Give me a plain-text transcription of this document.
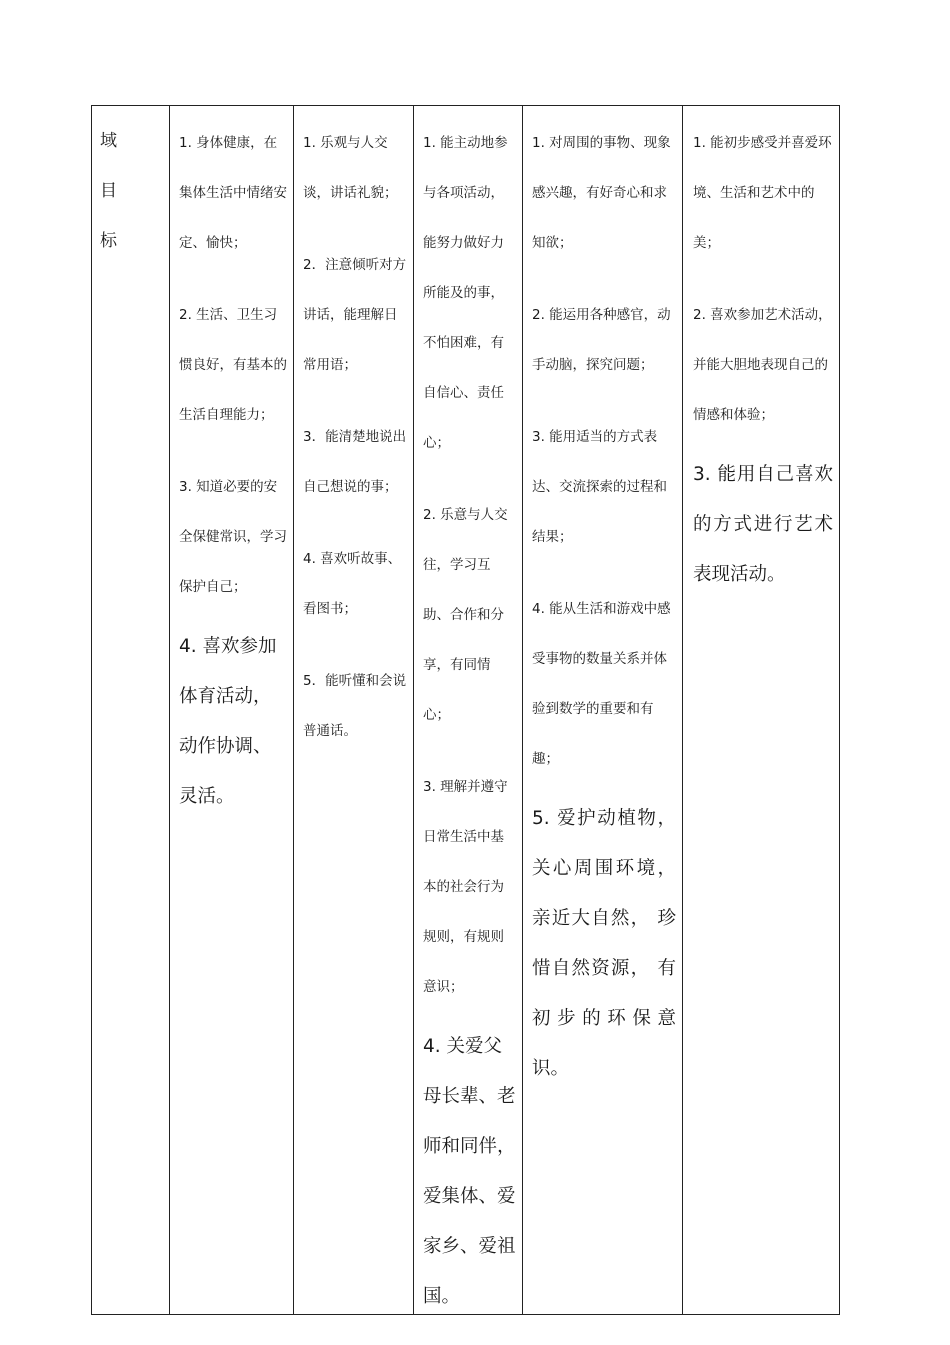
域
目
标
1. 身体健康，在集体生活中情绪安定、愉快；
2. 生活、卫生习惯良好，有基本的生活自理能力；
3. 知道必要的安全保健常识，学习保护自己；
4. 喜欢参加体育活动，动作协调、灵活。
1. 乐观与人交谈，讲话礼貌；
2．注意倾听对方讲话，能理解日常用语；
3．能清楚地说出自己想说的事；
4. 喜欢听故事、看图书；
5．能听懂和会说普通话。
1. 能主动地参与各项活动，能努力做好力所能及的事，不怕困难，有自信心、责任心；
2. 乐意与人交往，学习互助、合作和分享，有同情心；
3. 理解并遵守日常生活中基本的社会行为规则，有规则意识；
4. 关爱父母长辈、老师和同伴，爱集体、爱家乡、爱祖国。
1. 对周围的事物、现象感兴趣，有好奇心和求知欲；
2. 能运用各种感官，动手动脑，探究问题；
3. 能用适当的方式表达、交流探索的过程和结果；
4. 能从生活和游戏中感受事物的数量关系并体验到数学的重要和有趣；
5. 爱护动植物，关心周围环境，亲近大自然， 珍惜自然资源， 有初步的环保意识。
1. 能初步感受并喜爱环境、生活和艺术中的美；
2. 喜欢参加艺术活动，并能大胆地表现自己的情感和体验；
3. 能用自己喜欢的方式进行艺术表现活动。
